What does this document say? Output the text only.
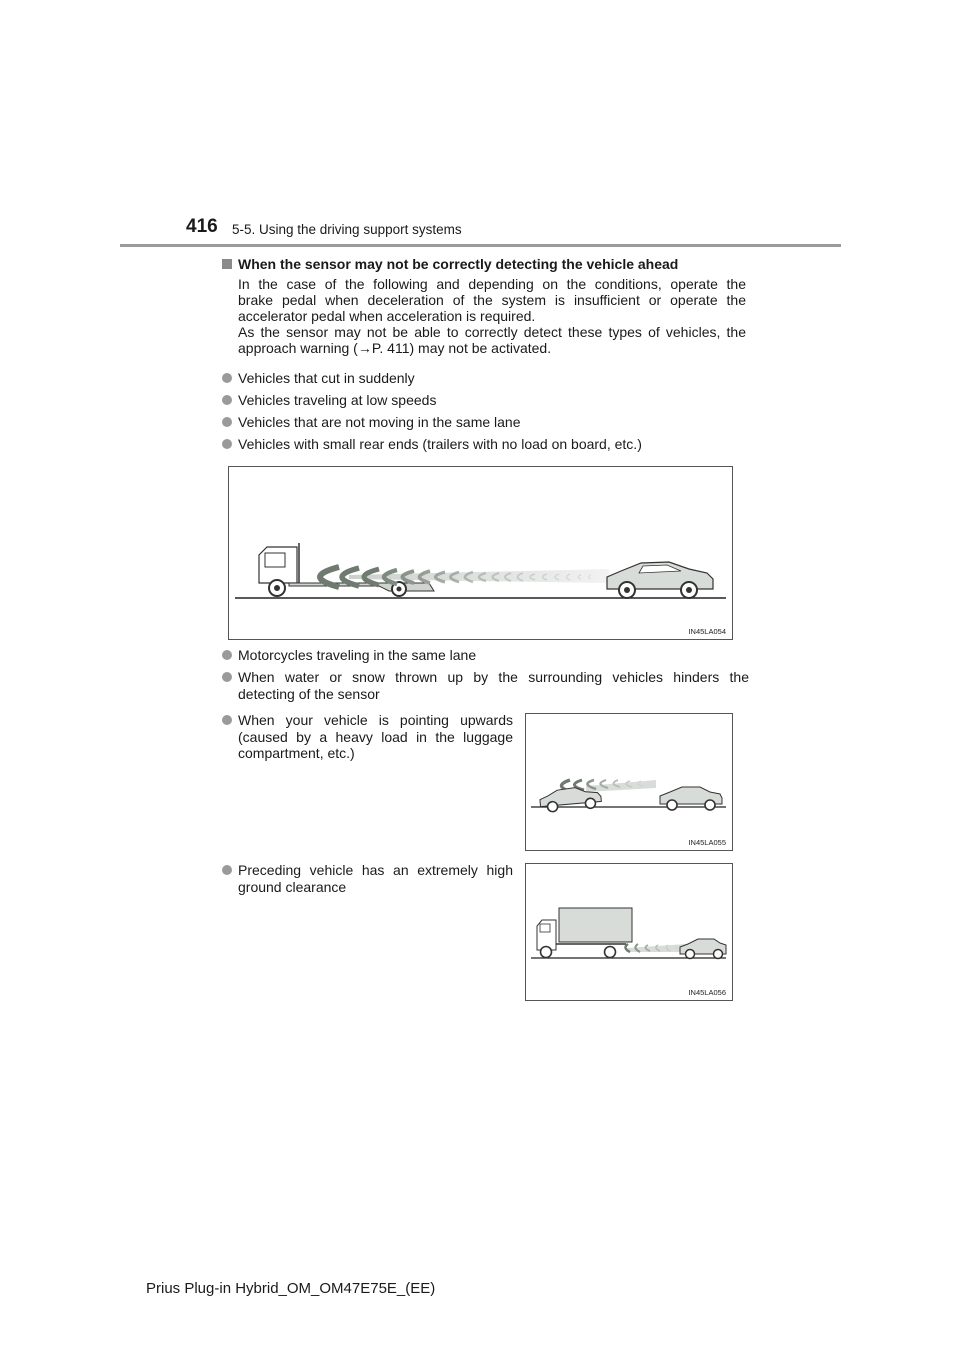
416 5-5. Using the driving support systems
When the sensor may not be correctly detecting the vehicle ahead
In the case of the following and depending on the conditions, operate the
brake pedal when deceleration of the system is insufficient or operate the
accelerator pedal when acceleration is required.
As the sensor may not be able to correctly detect these types of vehicles, the
approach warning (→P. 411) may not be activated.
Vehicles that cut in suddenly
Vehicles traveling at low speeds
Vehicles that are not moving in the same lane
Vehicles with small rear ends (trailers with no load on board, etc.)
IN45LA054
Motorcycles traveling in the same lane
When water or snow thrown up by the surrounding vehicles hinders the
detecting of the sensor
When your vehicle is pointing upwards
(caused by a heavy load in the luggage
compartment, etc.)
IN45LA055
Preceding vehicle has an extremely high
ground clearance
IN45LA056
Prius Plug-in Hybrid_OM_OM47E75E_(EE)
